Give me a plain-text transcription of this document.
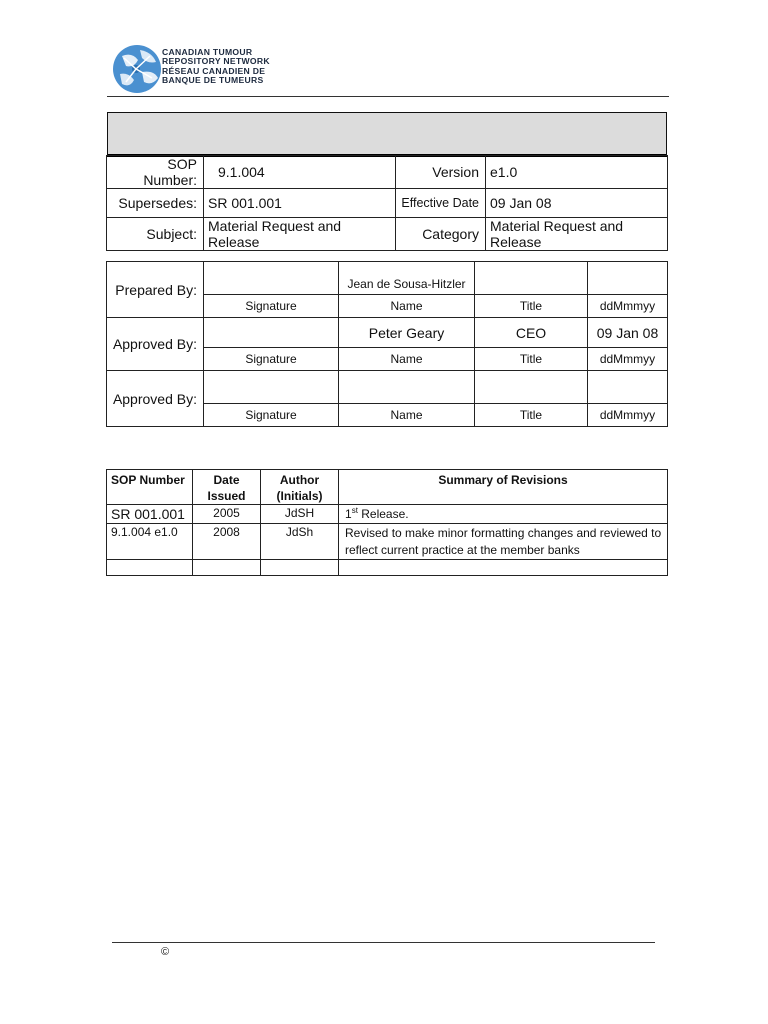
CANADIAN TUMOUR
REPOSITORY NETWORK
RÉSEAU CANADIEN DE
BANQUE DE TUMEURS
SOP Number:	9.1.004	Version	e1.0
Supersedes:	SR 001.001	Effective Date	09 Jan 08
Subject:	Material Request and Release	Category	Material Request and Release
Prepared By:		Jean de Sousa-Hitzler		
	Signature	Name	Title	ddMmmyy
Approved By:		Peter Geary	CEO	09 Jan 08
	Signature	Name	Title	ddMmmyy
Approved By:				
	Signature	Name	Title	ddMmmyy
SOP Number	Date Issued	Author (Initials)	Summary of Revisions
SR 001.001	2005	JdSH	1st Release.
9.1.004 e1.0	2008	JdSh	Revised to make minor formatting changes and reviewed to reflect current practice at the member banks

©
